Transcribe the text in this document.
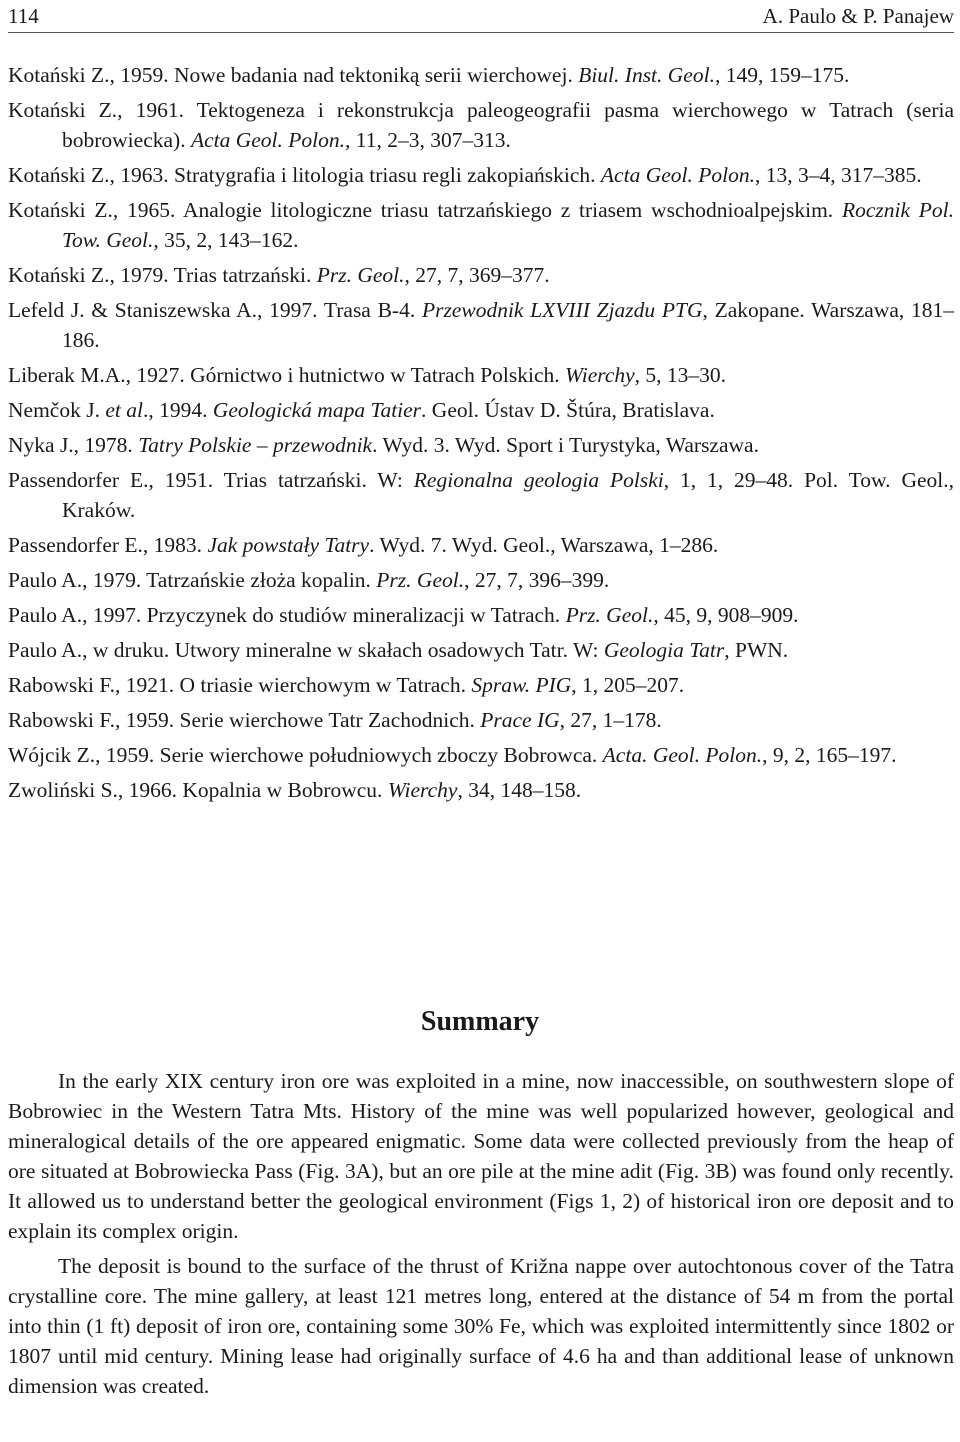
114	A. Paulo & P. Panajew

Kotański Z., 1959. Nowe badania nad tektoniką serii wierchowej. Biul. Inst. Geol., 149, 159–175.

Kotański Z., 1961. Tektogeneza i rekonstrukcja paleogeografii pasma wierchowego w Tatrach (seria bobrowiecka). Acta Geol. Polon., 11, 2–3, 307–313.

Kotański Z., 1963. Stratygrafia i litologia triasu regli zakopiańskich. Acta Geol. Polon., 13, 3–4, 317–385.

Kotański Z., 1965. Analogie litologiczne triasu tatrzańskiego z triasem wschodnioalpejskim. Rocznik Pol. Tow. Geol., 35, 2, 143–162.

Kotański Z., 1979. Trias tatrzański. Prz. Geol., 27, 7, 369–377.

Lefeld J. & Staniszewska A., 1997. Trasa B-4. Przewodnik LXVIII Zjazdu PTG, Zakopane. Warszawa, 181–186.

Liberak M.A., 1927. Górnictwo i hutnictwo w Tatrach Polskich. Wierchy, 5, 13–30.

Nemčok J. et al., 1994. Geologická mapa Tatier. Geol. Ústav D. Štúra, Bratislava.

Nyka J., 1978. Tatry Polskie – przewodnik. Wyd. 3. Wyd. Sport i Turystyka, Warszawa.

Passendorfer E., 1951. Trias tatrzański. W: Regionalna geologia Polski, 1, 1, 29–48. Pol. Tow. Geol., Kraków.

Passendorfer E., 1983. Jak powstały Tatry. Wyd. 7. Wyd. Geol., Warszawa, 1–286.

Paulo A., 1979. Tatrzańskie złoża kopalin. Prz. Geol., 27, 7, 396–399.

Paulo A., 1997. Przyczynek do studiów mineralizacji w Tatrach. Prz. Geol., 45, 9, 908–909.

Paulo A., w druku. Utwory mineralne w skałach osadowych Tatr. W: Geologia Tatr, PWN.

Rabowski F., 1921. O triasie wierchowym w Tatrach. Spraw. PIG, 1, 205–207.

Rabowski F., 1959. Serie wierchowe Tatr Zachodnich. Prace IG, 27, 1–178.

Wójcik Z., 1959. Serie wierchowe południowych zboczy Bobrowca. Acta. Geol. Polon., 9, 2, 165–197.

Zwoliński S., 1966. Kopalnia w Bobrowcu. Wierchy, 34, 148–158.

Summary

In the early XIX century iron ore was exploited in a mine, now inaccessible, on southwestern slope of Bobrowiec in the Western Tatra Mts. History of the mine was well popularized however, geological and mineralogical details of the ore appeared enigmatic. Some data were collected previously from the heap of ore situated at Bobrowiecka Pass (Fig. 3A), but an ore pile at the mine adit (Fig. 3B) was found only recently. It allowed us to understand better the geological environment (Figs 1, 2) of historical iron ore deposit and to explain its complex origin.

The deposit is bound to the surface of the thrust of Križna nappe over autochtonous cover of the Tatra crystalline core. The mine gallery, at least 121 metres long, entered at the distance of 54 m from the portal into thin (1 ft) deposit of iron ore, containing some 30% Fe, which was exploited intermittently since 1802 or 1807 until mid century. Mining lease had originally surface of 4.6 ha and than additional lease of unknown dimension was created.
